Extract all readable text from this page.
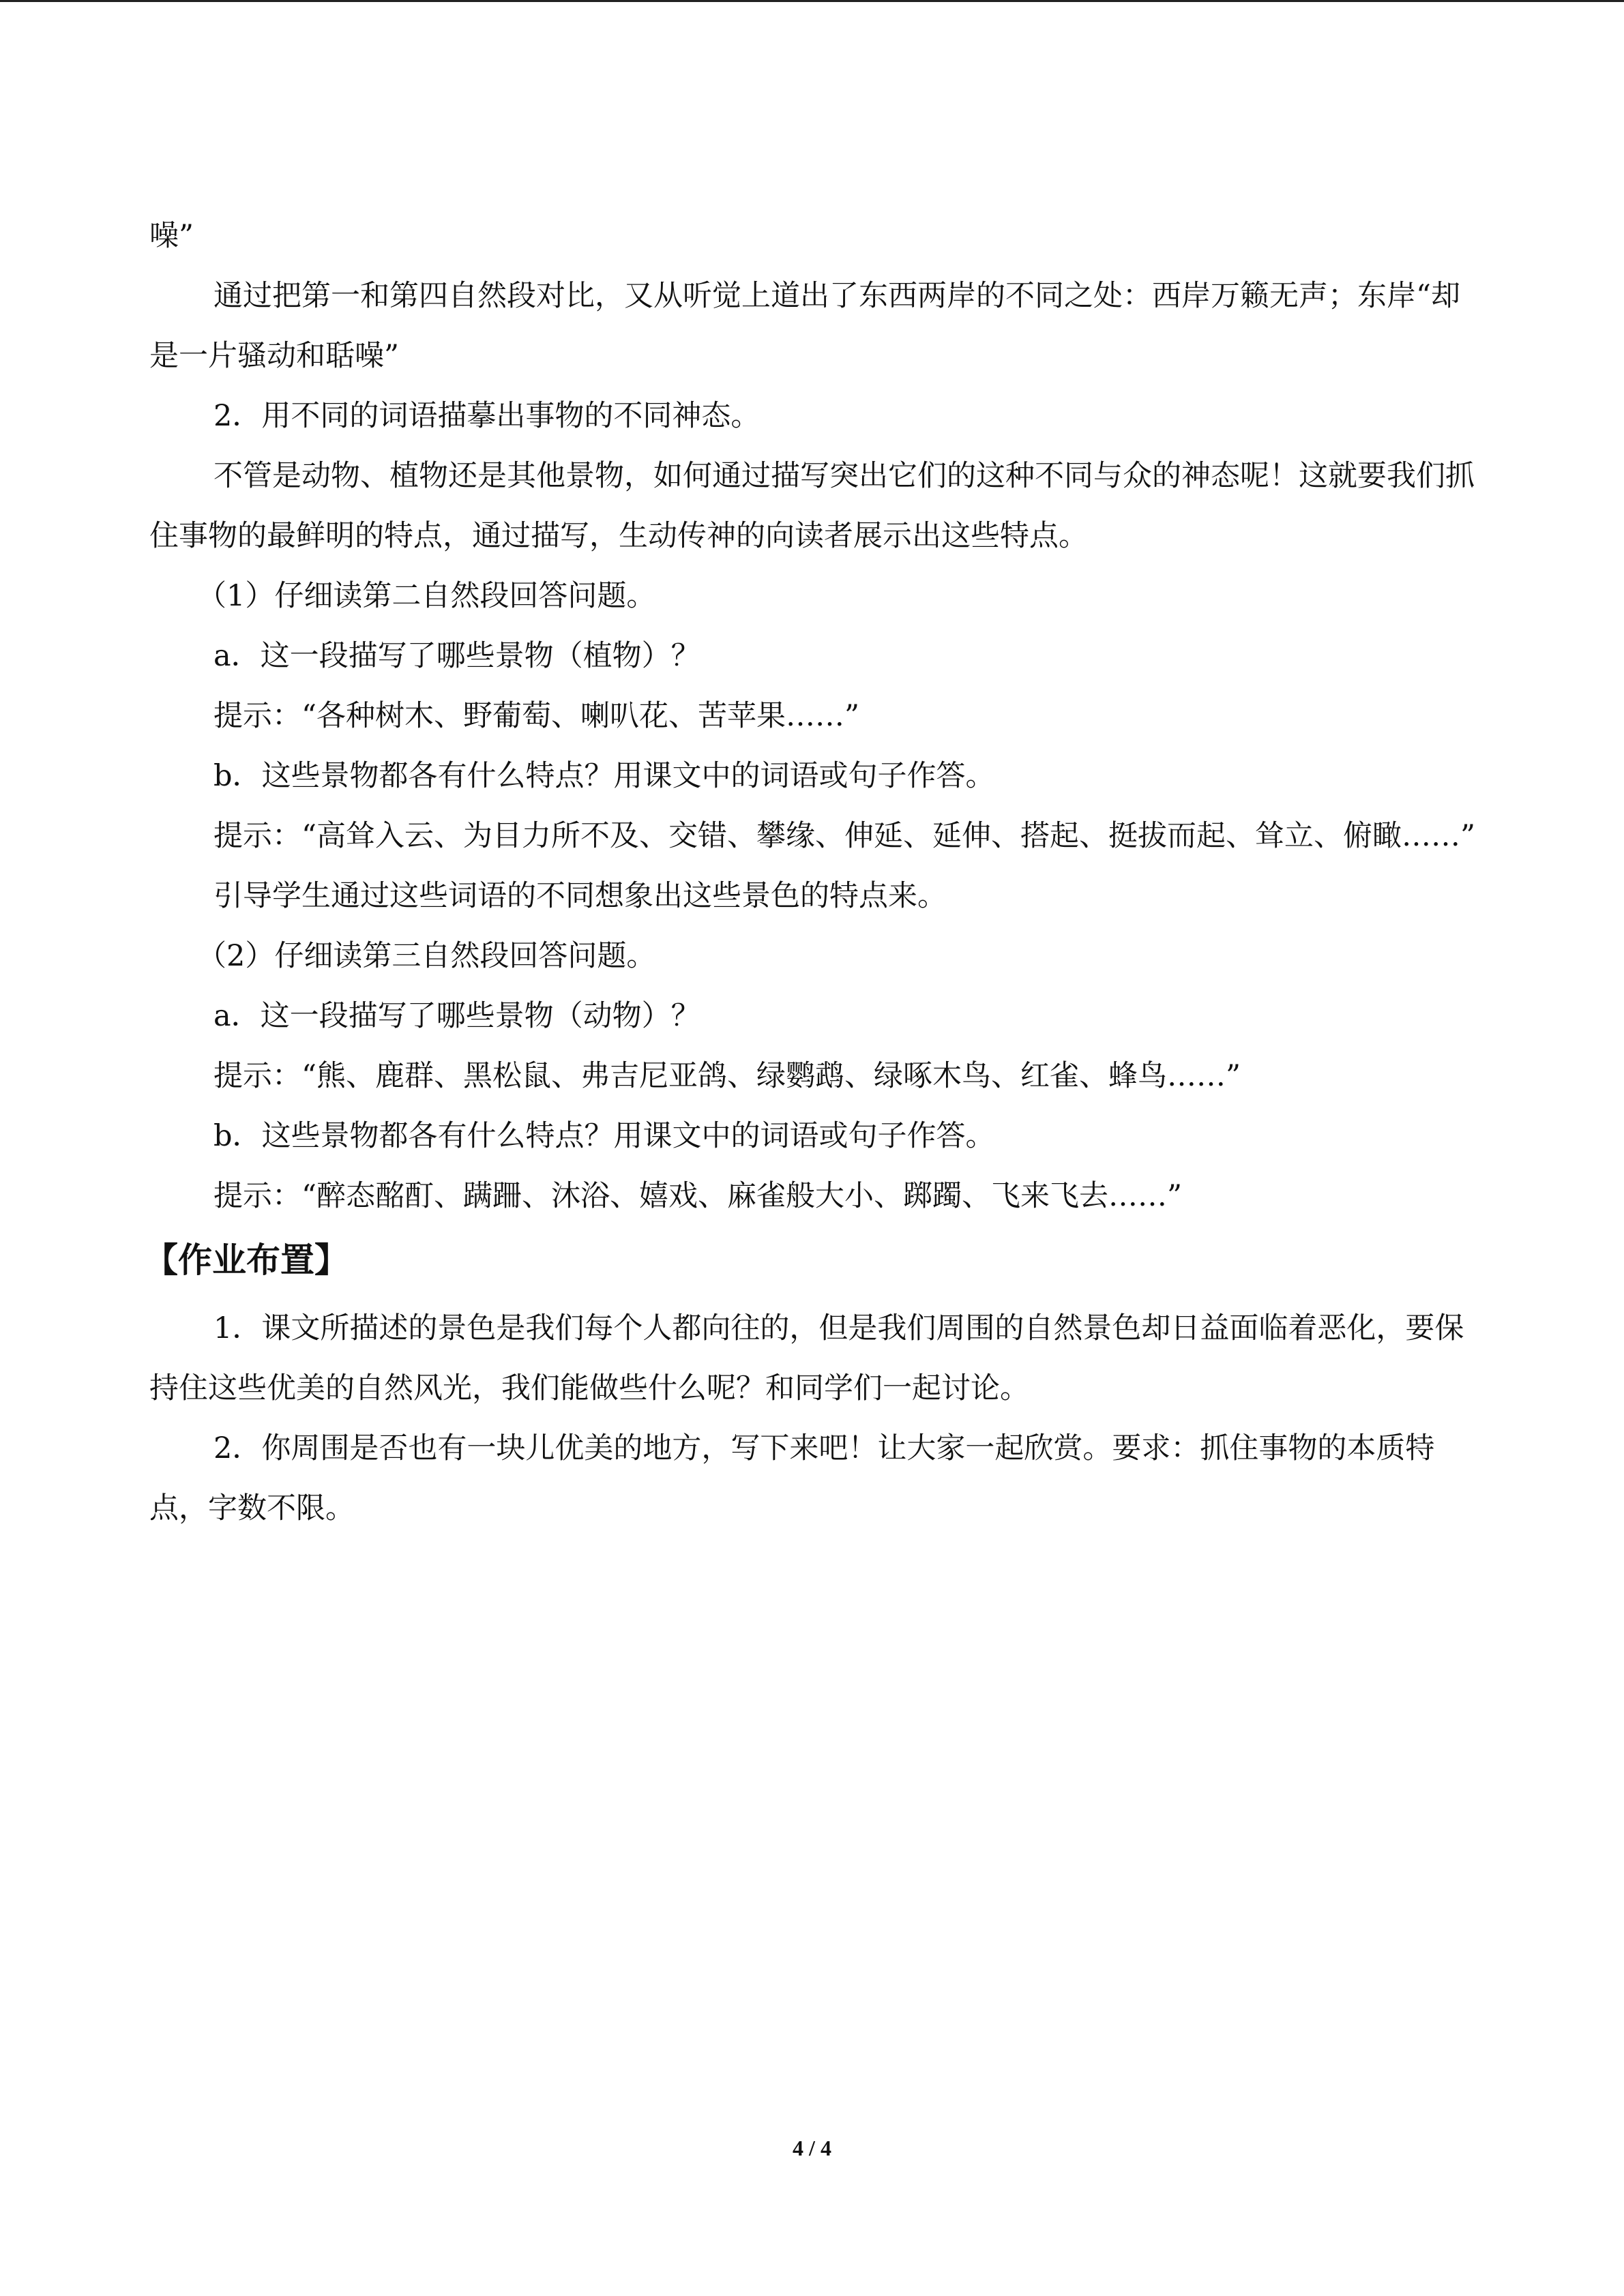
噪”

通过把第一和第四自然段对比，又从听觉上道出了东西两岸的不同之处：西岸万籁无声；东岸“却是一片骚动和聒噪”

2．用不同的词语描摹出事物的不同神态。

不管是动物、植物还是其他景物，如何通过描写突出它们的这种不同与众的神态呢！这就要我们抓住事物的最鲜明的特点，通过描写，生动传神的向读者展示出这些特点。

（1）仔细读第二自然段回答问题。

a．这一段描写了哪些景物（植物）？

提示：“各种树木、野葡萄、喇叭花、苦苹果……”

b．这些景物都各有什么特点？用课文中的词语或句子作答。

提示：“高耸入云、为目力所不及、交错、攀缘、伸延、延伸、搭起、挺拔而起、耸立、俯瞰……”

引导学生通过这些词语的不同想象出这些景色的特点来。

（2）仔细读第三自然段回答问题。

a．这一段描写了哪些景物（动物）？

提示：“熊、鹿群、黑松鼠、弗吉尼亚鸽、绿鹦鹉、绿啄木鸟、红雀、蜂鸟……”

b．这些景物都各有什么特点？用课文中的词语或句子作答。

提示：“醉态酩酊、蹒跚、沐浴、嬉戏、麻雀般大小、踯躅、飞来飞去……”

【作业布置】

1．课文所描述的景色是我们每个人都向往的，但是我们周围的自然景色却日益面临着恶化，要保持住这些优美的自然风光，我们能做些什么呢？和同学们一起讨论。

2．你周围是否也有一块儿优美的地方，写下来吧！让大家一起欣赏。要求：抓住事物的本质特点，字数不限。

4 / 4
